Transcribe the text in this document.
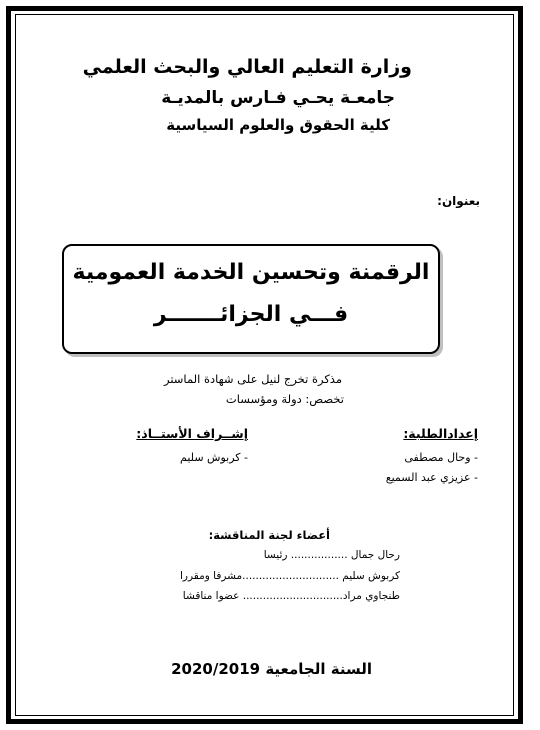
وزارة التعليم العالي والبحث العلمي
جامعـة يحـي فـارس بالمديـة
كلية الحقوق والعلوم السياسية
بعنوان:
الرقمنة وتحسين الخدمة العمومية
فـــي الجزائـــــــر
مذكرة تخرج لنيل على شهادة الماستر
تخصص: دولة ومؤسسات
إعدادالطلبة:
إشــراف الأستــاذ:
- وحال مصطفى
- عزيزي عبد السميع
- كربوش سليم
أعضاء لجنة المناقشة:
رحال جمال ................. رئيسا
كربوش سليم .............................مشرفا ومقررا
طنجاوي مراد.............................. عضوا مناقشا
السنة الجامعية 2020/2019
